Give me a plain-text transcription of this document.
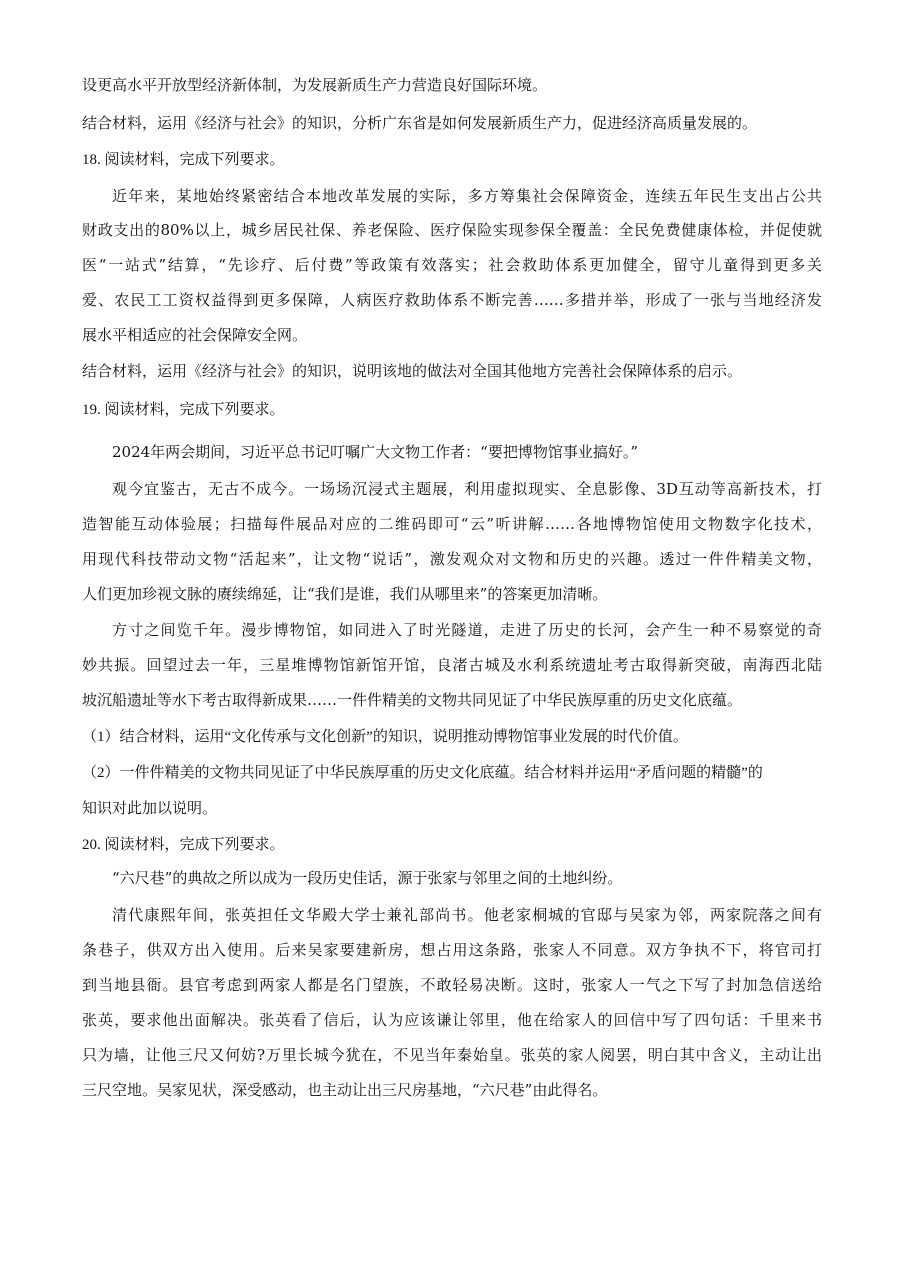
设更高水平开放型经济新体制，为发展新质生产力营造良好国际环境。
结合材料，运用《经济与社会》的知识，分析广东省是如何发展新质生产力，促进经济高质量发展的。
18. 阅读材料，完成下列要求。
近年来，某地始终紧密结合本地改革发展的实际，多方筹集社会保障资金，连续五年民生支出占公共
财政支出的80%以上，城乡居民社保、养老保险、医疗保险实现参保全覆盖：全民免费健康体检，并促使就
医“一站式”结算，“先诊疗、后付费”等政策有效落实；社会救助体系更加健全，留守儿童得到更多关
爱、农民工工资权益得到更多保障，人病医疗救助体系不断完善……多措并举，形成了一张与当地经济发
展水平相适应的社会保障安全网。
结合材料，运用《经济与社会》的知识，说明该地的做法对全国其他地方完善社会保障体系的启示。
19. 阅读材料，完成下列要求。
2024年两会期间，习近平总书记叮嘱广大文物工作者：“要把博物馆事业搞好。”
观今宜鉴古，无古不成今。一场场沉浸式主题展，利用虚拟现实、全息影像、3D互动等高新技术，打
造智能互动体验展；扫描每件展品对应的二维码即可“云”听讲解……各地博物馆使用文物数字化技术，
用现代科技带动文物“活起来”，让文物“说话”，激发观众对文物和历史的兴趣。透过一件件精美文物，
人们更加珍视文脉的赓续绵延，让“我们是谁，我们从哪里来”的答案更加清晰。
方寸之间览千年。漫步博物馆，如同进入了时光隧道，走进了历史的长河，会产生一种不易察觉的奇
妙共振。回望过去一年，三星堆博物馆新馆开馆，良渚古城及水利系统遗址考古取得新突破，南海西北陆
坡沉船遗址等水下考古取得新成果……一件件精美的文物共同见证了中华民族厚重的历史文化底蕴。
（1）结合材料，运用“文化传承与文化创新”的知识，说明推动博物馆事业发展的时代价值。
（2）一件件精美的文物共同见证了中华民族厚重的历史文化底蕴。结合材料并运用“矛盾问题的精髓”的
知识对此加以说明。
20. 阅读材料，完成下列要求。
“六尺巷”的典故之所以成为一段历史佳话，源于张家与邻里之间的土地纠纷。
清代康熙年间，张英担任文华殿大学士兼礼部尚书。他老家桐城的官邸与吴家为邻，两家院落之间有
条巷子，供双方出入使用。后来吴家要建新房，想占用这条路，张家人不同意。双方争执不下，将官司打
到当地县衙。县官考虑到两家人都是名门望族，不敢轻易决断。这时，张家人一气之下写了封加急信送给
张英，要求他出面解决。张英看了信后，认为应该谦让邻里，他在给家人的回信中写了四句话：千里来书
只为墙，让他三尺又何妨?万里长城今犹在，不见当年秦始皇。张英的家人阅罢，明白其中含义，主动让出
三尺空地。吴家见状，深受感动，也主动让出三尺房基地，“六尺巷”由此得名。
